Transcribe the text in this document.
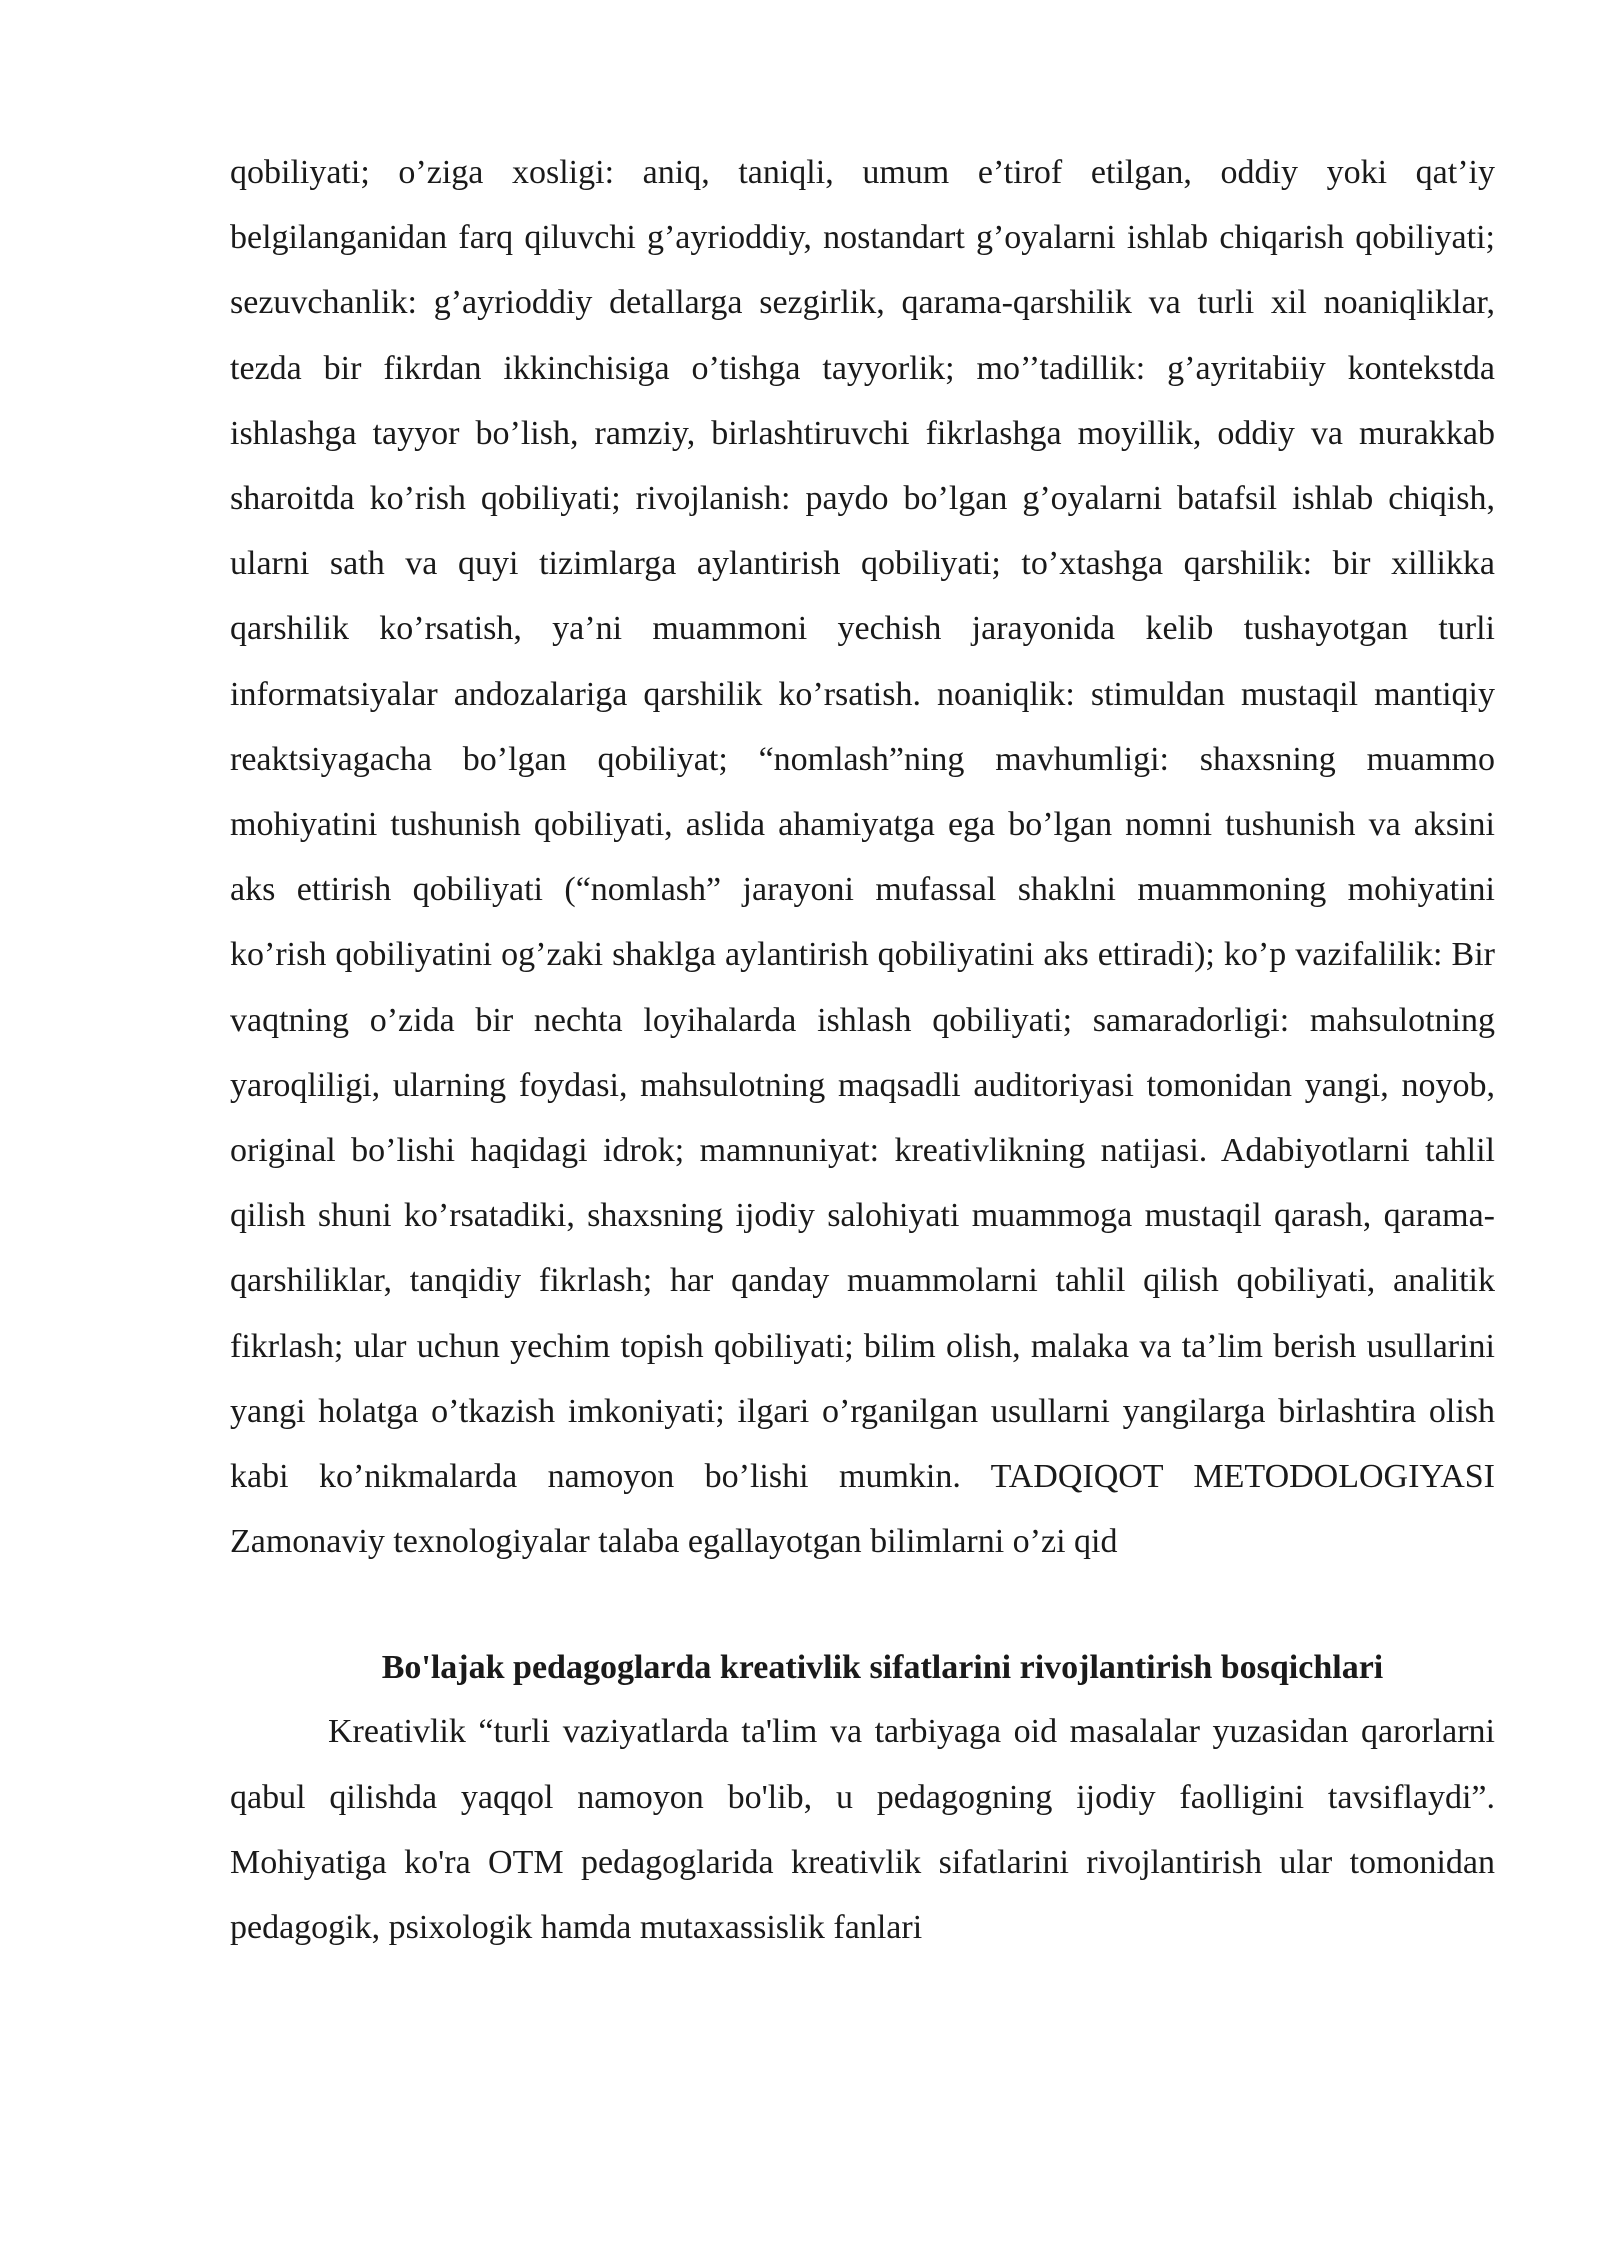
qobiliyati; o’ziga xosligi: aniq, taniqli, umum e’tirof etilgan, oddiy yoki qat’iy belgilanganidan farq qiluvchi g’ayrioddiy, nostandart g’oyalarni ishlab chiqarish qobiliyati; sezuvchanlik: g’ayrioddiy detallarga sezgirlik, qarama-qarshilik va turli xil noaniqliklar, tezda bir fikrdan ikkinchisiga o’tishga tayyorlik; mo’’tadillik: g’ayritabiiy kontekstda ishlashga tayyor bo’lish, ramziy, birlashtiruvchi fikrlashga moyillik, oddiy va murakkab sharoitda ko’rish qobiliyati; rivojlanish: paydo bo’lgan g’oyalarni batafsil ishlab chiqish, ularni sath va quyi tizimlarga aylantirish qobiliyati; to’xtashga qarshilik: bir xillikka qarshilik ko’rsatish, ya’ni muammoni yechish jarayonida kelib tushayotgan turli informatsiyalar andozalariga qarshilik ko’rsatish. noaniqlik: stimuldan mustaqil mantiqiy reaktsiyagacha bo’lgan qobiliyat; “nomlash”ning mavhumligi: shaxsning muammo mohiyatini tushunish qobiliyati, aslida ahamiyatga ega bo’lgan nomni tushunish va aksini aks ettirish qobiliyati (“nomlash” jarayoni mufassal shaklni muammoning mohiyatini ko’rish qobiliyatini og’zaki shaklga aylantirish qobiliyatini aks ettiradi); ko’p vazifalilik: Bir vaqtning o’zida bir nechta loyihalarda ishlash qobiliyati; samaradorligi: mahsulotning yaroqliligi, ularning foydasi, mahsulotning maqsadli auditoriyasi tomonidan yangi, noyob, original bo’lishi haqidagi idrok; mamnuniyat: kreativlikning natijasi. Adabiyotlarni tahlil qilish shuni ko’rsatadiki, shaxsning ijodiy salohiyati muammoga mustaqil qarash, qarama-qarshiliklar, tanqidiy fikrlash; har qanday muammolarni tahlil qilish qobiliyati, analitik fikrlash; ular uchun yechim topish qobiliyati; bilim olish, malaka va ta’lim berish usullarini yangi holatga o’tkazish imkoniyati; ilgari o’rganilgan usullarni yangilarga birlashtira olish kabi ko’nikmalarda namoyon bo’lishi mumkin. TADQIQOT METODOLOGIYASI Zamonaviy texnologiyalar talaba egallayotgan bilimlarni o’zi qid

Bo'lajak pedagoglarda kreativlik sifatlarini rivojlantirish bosqichlari

Kreativlik “turli vaziyatlarda ta'lim va tarbiyaga oid masalalar yuzasidan qarorlarni qabul qilishda yaqqol namoyon bo'lib, u pedagogning ijodiy faolligini tavsiflaydi”. Mohiyatiga ko'ra OTM pedagoglarida kreativlik sifatlarini rivojlantirish ular tomonidan pedagogik, psixologik hamda mutaxassislik fanlari
